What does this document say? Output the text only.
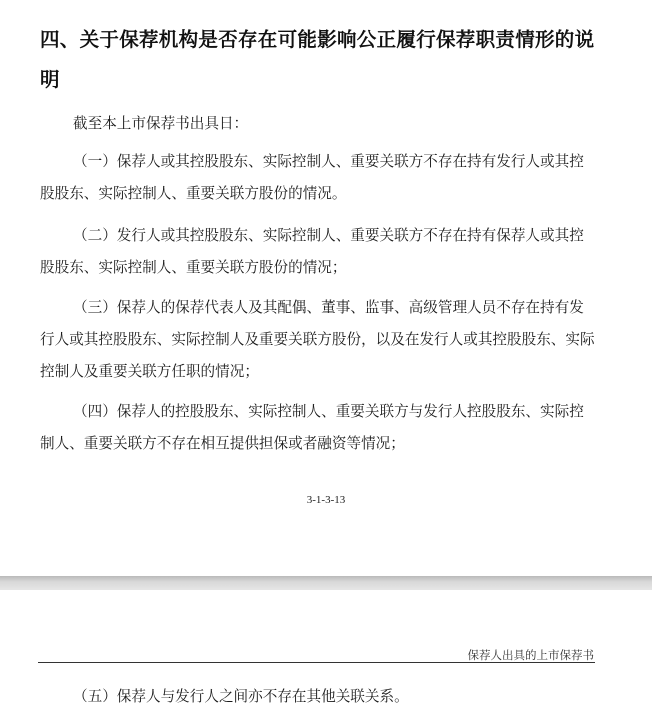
四、关于保荐机构是否存在可能影响公正履行保荐职责情形的说明

截至本上市保荐书出具日：

（一）保荐人或其控股股东、实际控制人、重要关联方不存在持有发行人或其控股股东、实际控制人、重要关联方股份的情况。

（二）发行人或其控股股东、实际控制人、重要关联方不存在持有保荐人或其控股股东、实际控制人、重要关联方股份的情况；

（三）保荐人的保荐代表人及其配偶、董事、监事、高级管理人员不存在持有发行人或其控股股东、实际控制人及重要关联方股份，以及在发行人或其控股股东、实际控制人及重要关联方任职的情况；

（四）保荐人的控股股东、实际控制人、重要关联方与发行人控股股东、实际控制人、重要关联方不存在相互提供担保或者融资等情况；

3-1-3-13
保荐人出具的上市保荐书

（五）保荐人与发行人之间亦不存在其他关联关系。
